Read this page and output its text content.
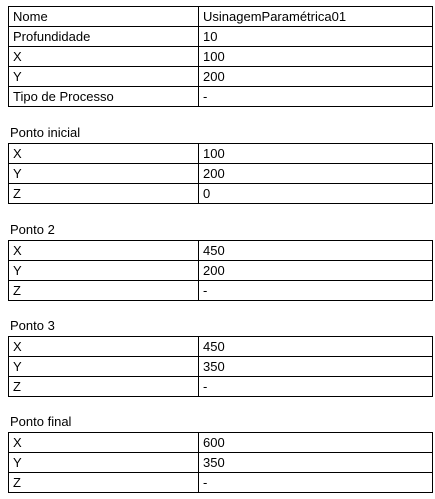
Nome	UsinagemParamétrica01
Profundidade	10
X	100
Y	200
Tipo de Processo	-
Ponto inicial
X	100
Y	200
Z	0
Ponto 2
X	450
Y	200
Z	-
Ponto 3
X	450
Y	350
Z	-
Ponto final
X	600
Y	350
Z	-
